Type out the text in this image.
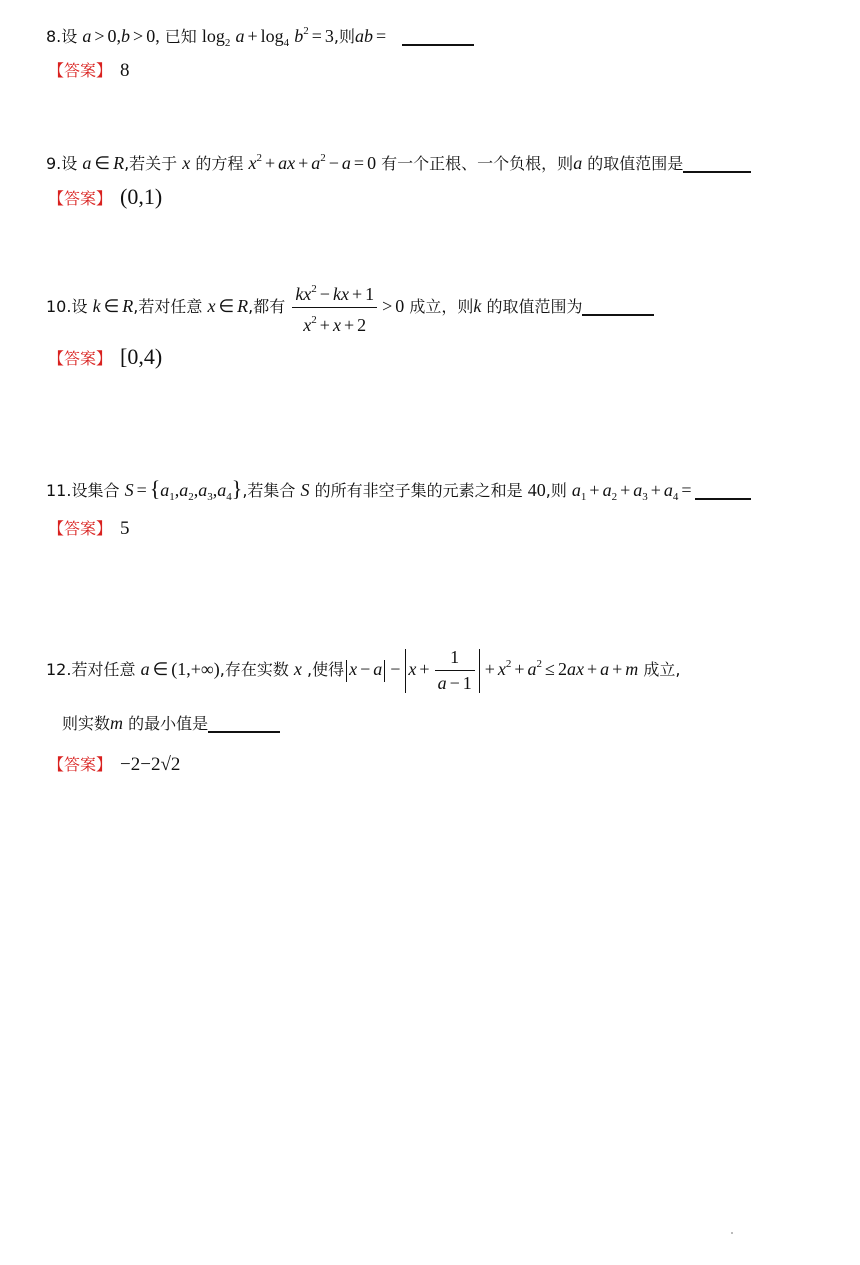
8.设 a > 0,b > 0, 已知 $\log_2 a + \log_4 b^2 = 3$,则ab =
【答案】 8
9.设 a ∈ R,若关于 x 的方程 $x^2$ + ax + $a^2 - a = 0$ 有一个正根、一个负根，则a 的取值范围是
【答案】 (0,1)
10.设 k ∈ R,若对任意 x ∈ R,都有 $\frac{kx^2 - kx + 1}{x^2 + x + 2} > 0$ 成立，则k 的取值范围为
【答案】 [0,4)
11.设集合 $S = \{a_1,a_2,a_3,a_4\}$,若集合 S 的所有非空子集的元素之和是 40,则 $a_1 + a_2 + a_3 + a_4$ =
【答案】 5
12.若对任意 a ∈ (1,+∞),存在实数 x ,使得 $x - a - x + \frac{1}{a - 1} + x^2 + a^2 \le 2ax + a + m$ 成立,
则实数m 的最小值是
【答案】 −2−2√2
